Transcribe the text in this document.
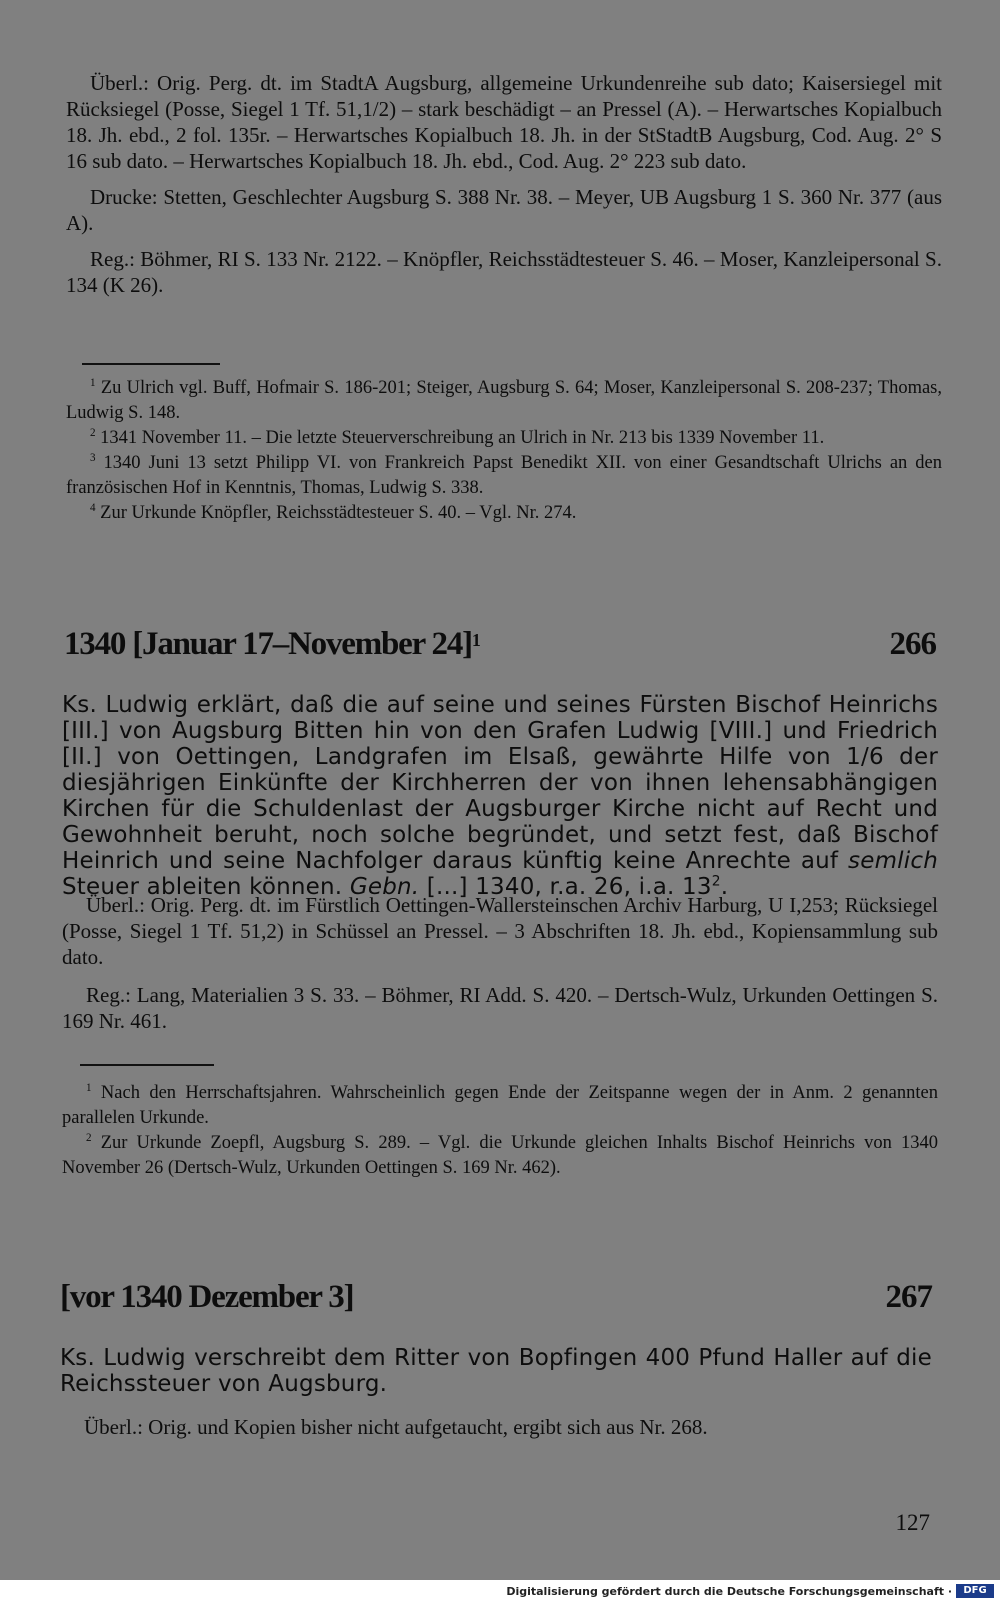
Überl.: Orig. Perg. dt. im StadtA Augsburg, allgemeine Urkundenreihe sub dato; Kaisersiegel mit Rücksiegel (Posse, Siegel 1 Tf. 51,1/2) – stark beschädigt – an Pressel (A). – Herwartsches Kopialbuch 18. Jh. ebd., 2 fol. 135r. – Herwartsches Kopialbuch 18. Jh. in der StStadtB Augsburg, Cod. Aug. 2° S 16 sub dato. – Herwartsches Kopialbuch 18. Jh. ebd., Cod. Aug. 2° 223 sub dato.

Drucke: Stetten, Geschlechter Augsburg S. 388 Nr. 38. – Meyer, UB Augsburg 1 S. 360 Nr. 377 (aus A).

Reg.: Böhmer, RI S. 133 Nr. 2122. – Knöpfler, Reichsstädtesteuer S. 46. – Moser, Kanzleipersonal S. 134 (K 26).

$^1$ Zu Ulrich vgl. Buff, Hofmair S. 186-201; Steiger, Augsburg S. 64; Moser, Kanzleipersonal S. 208-237; Thomas, Ludwig S. 148.

$^2$ 1341 November 11. – Die letzte Steuerverschreibung an Ulrich in Nr. 213 bis 1339 November 11.

$^3$ 1340 Juni 13 setzt Philipp VI. von Frankreich Papst Benedikt XII. von einer Gesandtschaft Ulrichs an den französischen Hof in Kenntnis, Thomas, Ludwig S. 338.

$^4$ Zur Urkunde Knöpfler, Reichsstädtesteuer S. 40. – Vgl. Nr. 274.

1340 [Januar 17–November 24]$^1$	266

Ks. Ludwig erklärt, daß die auf seine und seines Fürsten Bischof Heinrichs [III.] von Augsburg Bitten hin von den Grafen Ludwig [VIII.] und Friedrich [II.] von Oettingen, Landgrafen im Elsaß, gewährte Hilfe von 1/6 der diesjährigen Einkünfte der Kirchherren der von ihnen lehensabhängigen Kirchen für die Schuldenlast der Augsburger Kirche nicht auf Recht und Gewohnheit beruht, noch solche begründet, und setzt fest, daß Bischof Heinrich und seine Nachfolger daraus künftig keine Anrechte auf semlich Steuer ableiten können. Gebn. [...] 1340, r.a. 26, i.a. $13^2$.

Überl.: Orig. Perg. dt. im Fürstlich Oettingen-Wallersteinschen Archiv Harburg, U I,253; Rücksiegel (Posse, Siegel 1 Tf. 51,2) in Schüssel an Pressel. – 3 Abschriften 18. Jh. ebd., Kopiensammlung sub dato.

Reg.: Lang, Materialien 3 S. 33. – Böhmer, RI Add. S. 420. – Dertsch-Wulz, Urkunden Oettingen S. 169 Nr. 461.

$^1$ Nach den Herrschaftsjahren. Wahrscheinlich gegen Ende der Zeitspanne wegen der in Anm. 2 genannten parallelen Urkunde.

$^2$ Zur Urkunde Zoepfl, Augsburg S. 289. – Vgl. die Urkunde gleichen Inhalts Bischof Heinrichs von 1340 November 26 (Dertsch-Wulz, Urkunden Oettingen S. 169 Nr. 462).

[vor 1340 Dezember 3]	267

Ks. Ludwig verschreibt dem Ritter von Bopfingen 400 Pfund Haller auf die Reichssteuer von Augsburg.

Überl.: Orig. und Kopien bisher nicht aufgetaucht, ergibt sich aus Nr. 268.

127
Digitalisierung gefördert durch die Deutsche Forschungsgemeinschaft ·	DFG
